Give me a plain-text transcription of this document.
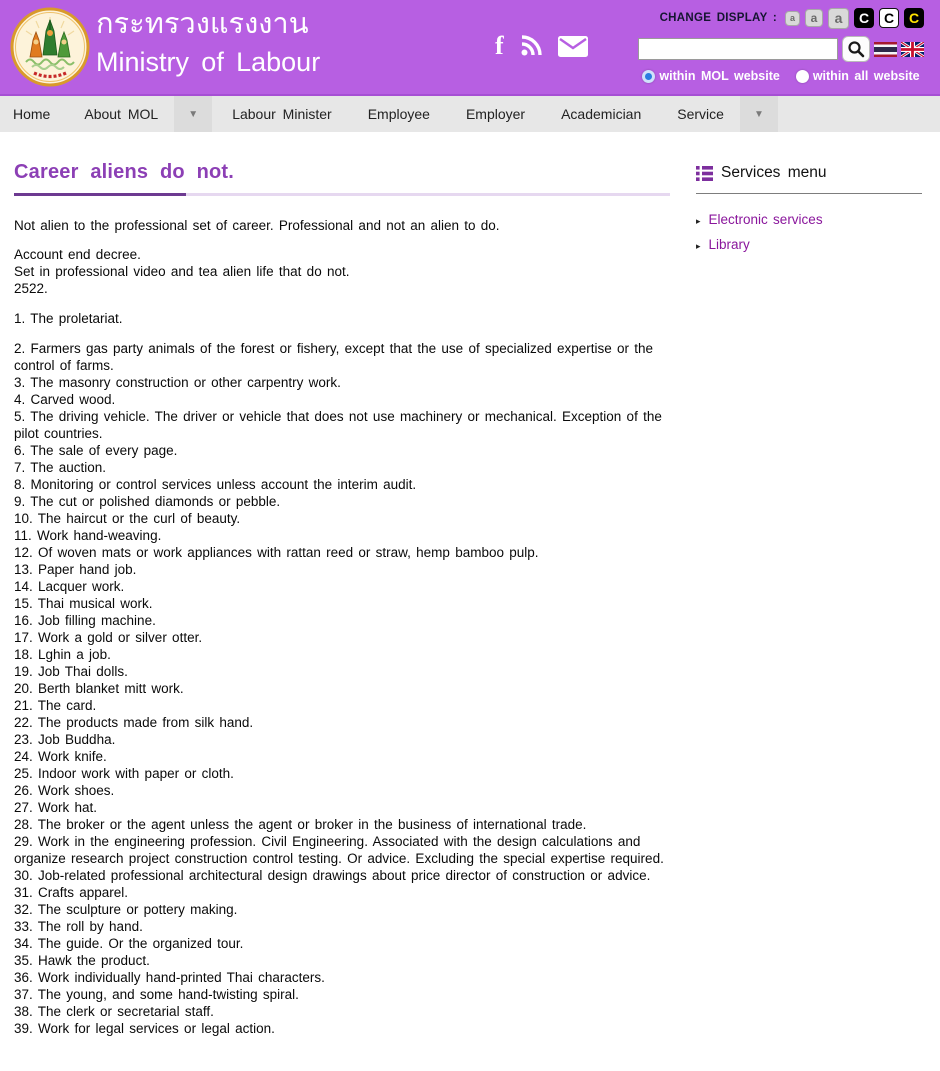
กระทรวงแรงงาน
Ministry of Labour
f
CHANGE DISPLAY :	a	a	a	C	C	C
within MOL website	within all website
Home	About MOL	▼	Labour Minister	Employee	Employer	Academician	Service	▼
Career aliens do not.

Not alien to the professional set of career. Professional and not an alien to do.

Account end decree.
Set in professional video and tea alien life that do not.
2522.

1. The proletariat.

2. Farmers gas party animals of the forest or fishery, except that the use of specialized expertise or the control of farms.
3. The masonry construction or other carpentry work.
4. Carved wood.
5. The driving vehicle. The driver or vehicle that does not use machinery or mechanical. Exception of the pilot countries.
6. The sale of every page.
7. The auction.
8. Monitoring or control services unless account the interim audit.
9. The cut or polished diamonds or pebble.
10. The haircut or the curl of beauty.
11. Work hand-weaving.
12. Of woven mats or work appliances with rattan reed or straw, hemp bamboo pulp.
13. Paper hand job.
14. Lacquer work.
15. Thai musical work.
16. Job filling machine.
17. Work a gold or silver otter.
18. Lghin a job.
19. Job Thai dolls.
20. Berth blanket mitt work.
21. The card.
22. The products made from silk hand.
23. Job Buddha.
24. Work knife.
25. Indoor work with paper or cloth.
26. Work shoes.
27. Work hat.
28. The broker or the agent unless the agent or broker in the business of international trade.
29. Work in the engineering profession. Civil Engineering. Associated with the design calculations and organize research project construction control testing. Or advice. Excluding the special expertise required.
30. Job-related professional architectural design drawings about price director of construction or advice.
31. Crafts apparel.
32. The sculpture or pottery making.
33. The roll by hand.
34. The guide. Or the organized tour.
35. Hawk the product.
36. Work individually hand-printed Thai characters.
37. The young, and some hand-twisting spiral.
38. The clerk or secretarial staff.
39. Work for legal services or legal action.
Services menu
▸ Electronic services
▸ Library
